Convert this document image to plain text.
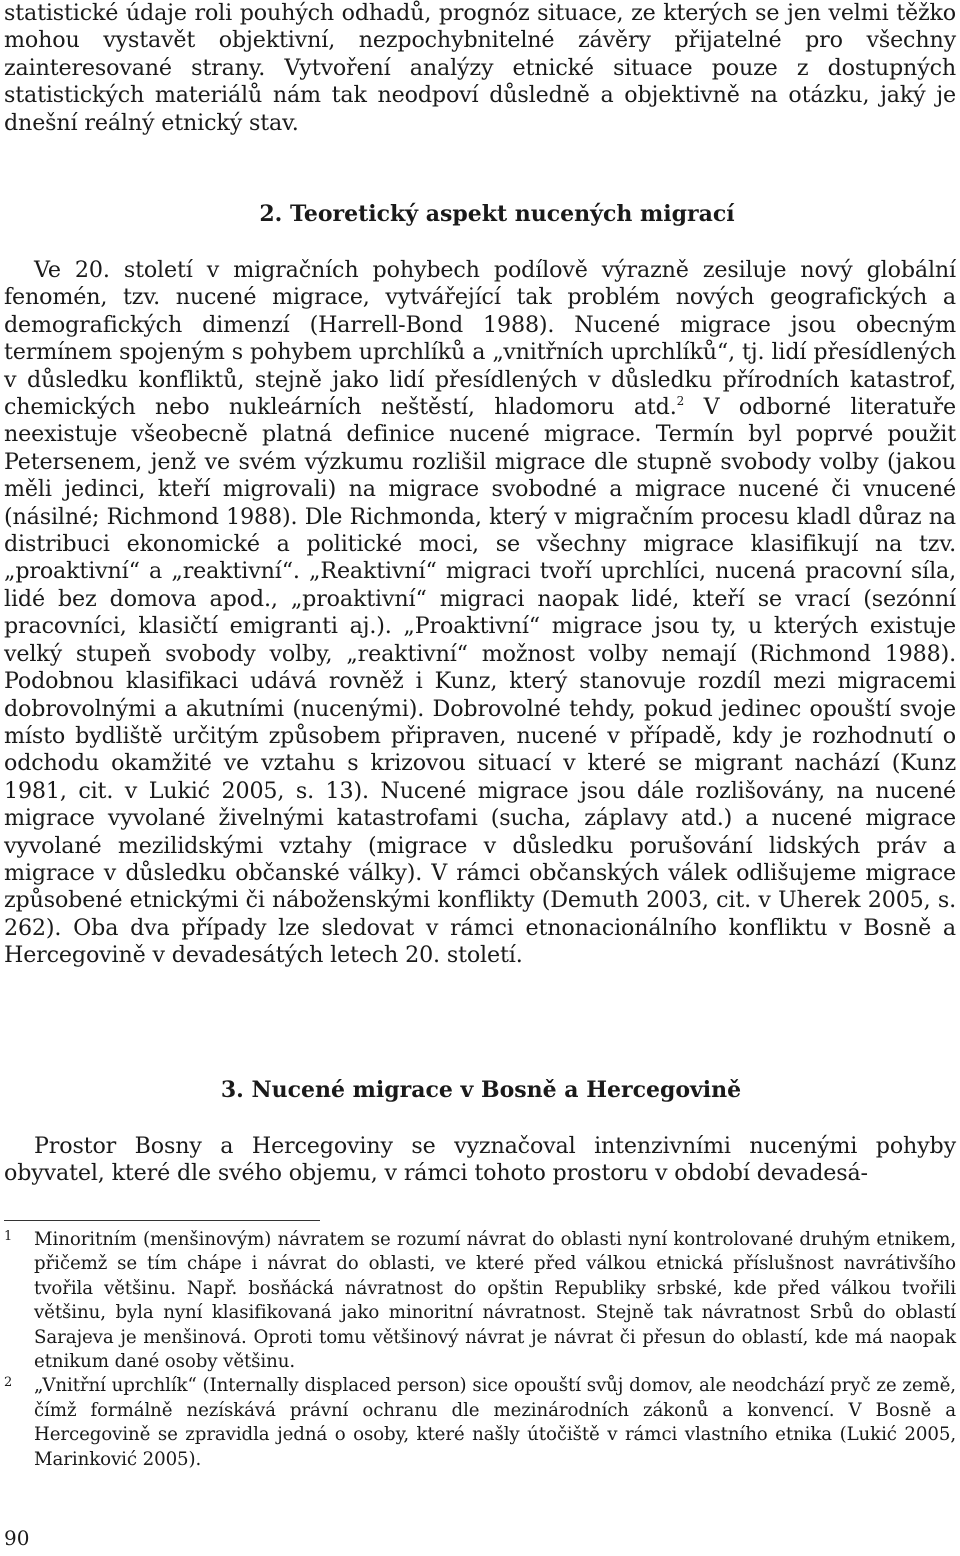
statistické údaje roli pouhých odhadů, prognóz situace, ze kterých se jen velmi těžko mohou vystavět objektivní, nezpochybnitelné závěry přijatelné pro všechny zainteresované strany. Vytvoření analýzy etnické situace pouze z dostupných statistických materiálů nám tak neodpoví důsledně a objektivně na otázku, jaký je dnešní reálný etnický stav.

2. Teoretický aspekt nucených migrací

Ve 20. století v migračních pohybech podílově výrazně zesiluje nový globální fenomén, tzv. nucené migrace, vytvářející tak problém nových geografických a demografických dimenzí (Harrell-Bond 1988). Nucené migrace jsou obecným termínem spojeným s pohybem uprchlíků a „vnitřních uprchlíků“, tj. lidí přesídlených v důsledku konfliktů, stejně jako lidí přesídlených v důsledku přírodních katastrof, chemických nebo nukleárních neštěstí, hladomoru atd.$^2$ V odborné literatuře neexistuje všeobecně platná definice nucené migrace. Termín byl poprvé použit Petersenem, jenž ve svém výzkumu rozlišil migrace dle stupně svobody volby (jakou měli jedinci, kteří migrovali) na migrace svobodné a migrace nucené či vnucené (násilné; Richmond 1988). Dle Richmonda, který v migračním procesu kladl důraz na distribuci ekonomické a politické moci, se všechny migrace klasifikují na tzv. „proaktivní“ a „reaktivní“. „Reaktivní“ migraci tvoří uprchlíci, nucená pracovní síla, lidé bez domova apod., „proaktivní“ migraci naopak lidé, kteří se vrací (sezónní pracovníci, klasičtí emigranti aj.). „Proaktivní“ migrace jsou ty, u kterých existuje velký stupeň svobody volby, „reaktivní“ možnost volby nemají (Richmond 1988). Podobnou klasifikaci udává rovněž i Kunz, který stanovuje rozdíl mezi migracemi dobrovolnými a akutními (nucenými). Dobrovolné tehdy, pokud jedinec opouští svoje místo bydliště určitým způsobem připraven, nucené v případě, kdy je rozhodnutí o odchodu okamžité ve vztahu s krizovou situací v které se migrant nachází (Kunz 1981, cit. v Lukić 2005, s. 13). Nucené migrace jsou dále rozlišovány, na nucené migrace vyvolané živelnými katastrofami (sucha, záplavy atd.) a nucené migrace vyvolané mezilidskými vztahy (migrace v důsledku porušování lidských práv a migrace v důsledku občanské války). V rámci občanských válek odlišujeme migrace způsobené etnickými či náboženskými konflikty (Demuth 2003, cit. v Uherek 2005, s. 262). Oba dva případy lze sledovat v rámci etnonacionálního konfliktu v Bosně a Hercegovině v devadesátých letech 20. století.

3. Nucené migrace v Bosně a Hercegovině

Prostor Bosny a Hercegoviny se vyznačoval intenzivními nucenými pohyby obyvatel, které dle svého objemu, v rámci tohoto prostoru v období devadesá-

1 Minoritním (menšinovým) návratem se rozumí návrat do oblasti nyní kontrolované druhým etnikem, přičemž se tím chápe i návrat do oblasti, ve které před válkou etnická příslušnost navrátivšího tvořila většinu. Např. bosňácká návratnost do opštin Republiky srbské, kde před válkou tvořili většinu, byla nyní klasifikovaná jako minoritní návratnost. Stejně tak návratnost Srbů do oblastí Sarajeva je menšinová. Oproti tomu většinový návrat je návrat či přesun do oblastí, kde má naopak etnikum dané osoby většinu.
2 „Vnitřní uprchlík“ (Internally displaced person) sice opouští svůj domov, ale neodchází pryč ze země, čímž formálně nezískává právní ochranu dle mezinárodních zákonů a konvencí. V Bosně a Hercegovině se zpravidla jedná o osoby, které našly útočiště v rámci vlastního etnika (Lukić 2005, Marinković 2005).
90
